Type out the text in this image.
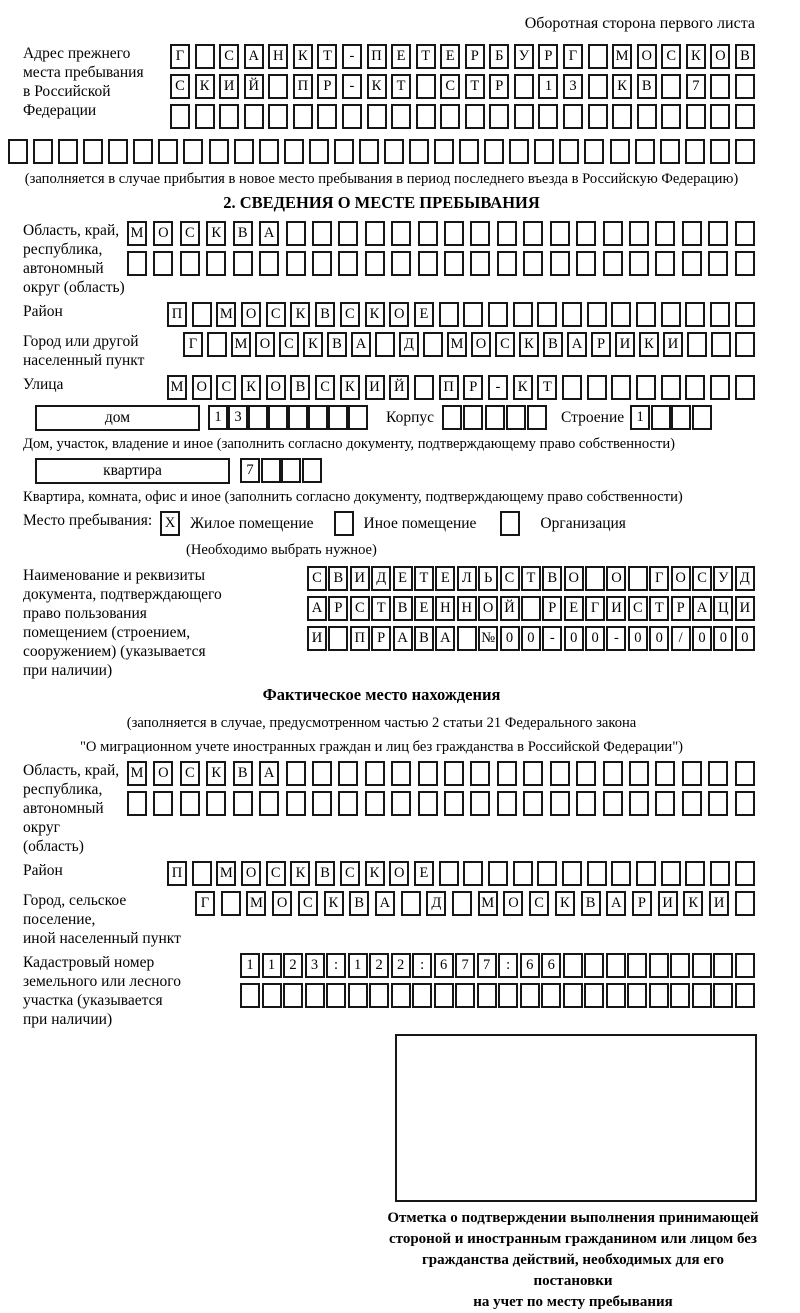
Оборотная сторона первого листа
Адрес прежнего
места пребывания
в Российской
Федерации
Г	С А Н К	Т	-	П	Е	Т	Е	Р	Б	У	Р	Г	М О С	К О В
С	К И Й	П	Р	-	К	Т	С	Т	Р	1	3	К	В	7
(заполняется в случае прибытия в новое место пребывания в период последнего въезда в Российскую Федерацию)
2. СВЕДЕНИЯ О МЕСТЕ ПРЕБЫВАНИЯ
Область, край,
республика,
автономный
округ (область)
М	О	С	К	В	А
Район	П	М О	С	К	В	С	К	О	Е
Город или другой
населенный пункт
Г	М О С К В А	Д	М О С К В А	Р	И К И
Улица	М О	С	К	О	В	С	К	И Й	П	Р	-	К	Т
дом	1 3	Корпус	Строение 1
Дом, участок, владение и иное (заполнить согласно документу, подтверждающему право собственности)
квартира	7
Квартира, комната, офис и иное (заполнить согласно документу, подтверждающему право собственности)
Место пребывания: X Жилое помещение	Иное помещение	Организация
(Необходимо выбрать нужное)
Наименование и реквизиты
документа, подтверждающего
право пользования
помещением (строением,
сооружением) (указывается
при наличии)
С В И Д Е Т Е Л Ь С Т В О	О	Г О С У Д
А Р С Т В Е Н Н О Й	Р Е Г И С Т Р А Ц И
И	П Р А В А	№ 0 0	-	0 0	-	0 0	/	0 0 0
Фактическое место нахождения
(заполняется в случае, предусмотренном частью 2 статьи 21 Федерального закона
"О миграционном учете иностранных граждан и лиц без гражданства в Российской Федерации")
Область, край,
республика,
автономный округ
(область)
М	О	С	К	В	А
Район	П	М О	С	К	В	С	К	О	Е
Город, сельское поселение,
иной населенный пункт
Г	М О	С	К	В	А	Д	М О	С	К	В	А	Р	И	К	И
Кадастровый номер
земельного или лесного
участка (указывается
при наличии)
1 1 2 3	:	1 2 2	:	6 7 7	:	6 6
Отметка о подтверждении выполнения принимающей
стороной и иностранным гражданином или лицом без
гражданства действий, необходимых для его постановки
на учет по месту пребывания
